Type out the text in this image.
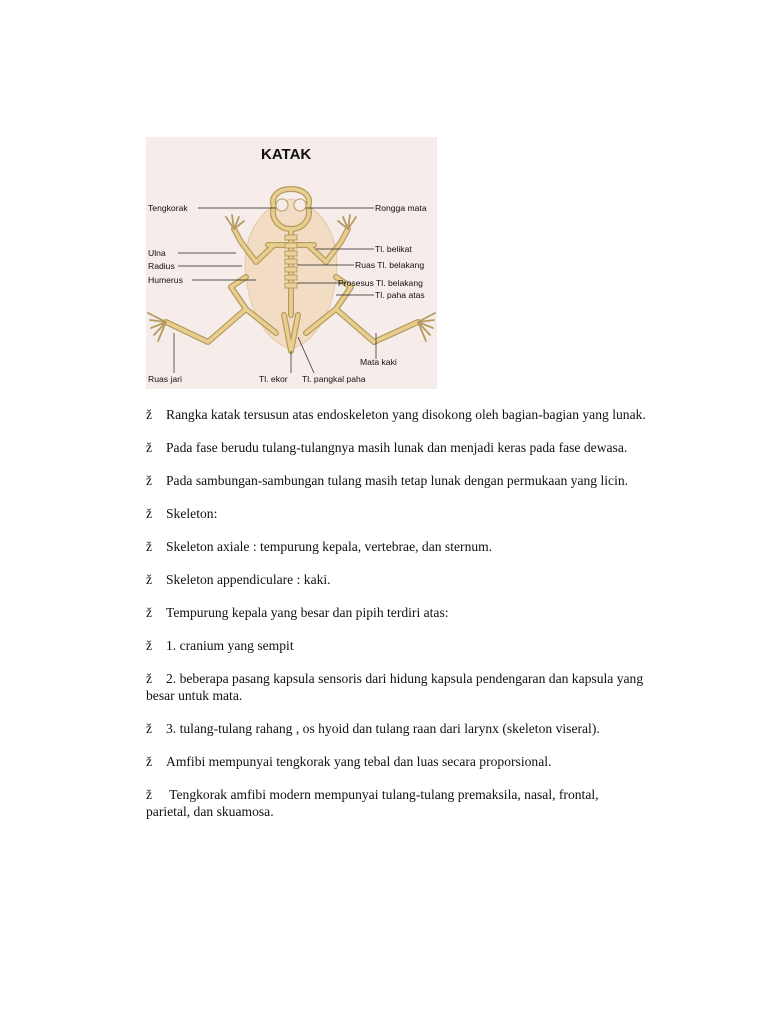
KATAK
Tengkorak
Ulna
Radius
Humerus
Ruas jari
Rongga mata
Tl. belikat
Ruas Tl. belakang
Prosesus Tl. belakang
Tl. paha atas
Mata kaki
Tl. ekor Tl. pangkal paha

ž Rangka katak tersusun atas endoskeleton yang disokong oleh bagian-bagian yang lunak.

ž Pada fase berudu tulang-tulangnya masih lunak dan menjadi keras pada fase dewasa.

ž Pada sambungan-sambungan tulang masih tetap lunak dengan permukaan yang licin.

ž Skeleton:

ž Skeleton axiale : tempurung kepala, vertebrae, dan sternum.

ž Skeleton appendiculare : kaki.

ž Tempurung kepala yang besar dan pipih terdiri atas:

ž 1. cranium yang sempit

ž 2. beberapa pasang kapsula sensoris dari hidung kapsula pendengaran dan kapsula yang besar untuk mata.

ž 3. tulang-tulang rahang , os hyoid dan tulang raan dari larynx (skeleton viseral).

ž Amfibi mempunyai tengkorak yang tebal dan luas secara proporsional.

ž Tengkorak amfibi modern mempunyai tulang-tulang premaksila, nasal, frontal, parietal, dan skuamosa.
